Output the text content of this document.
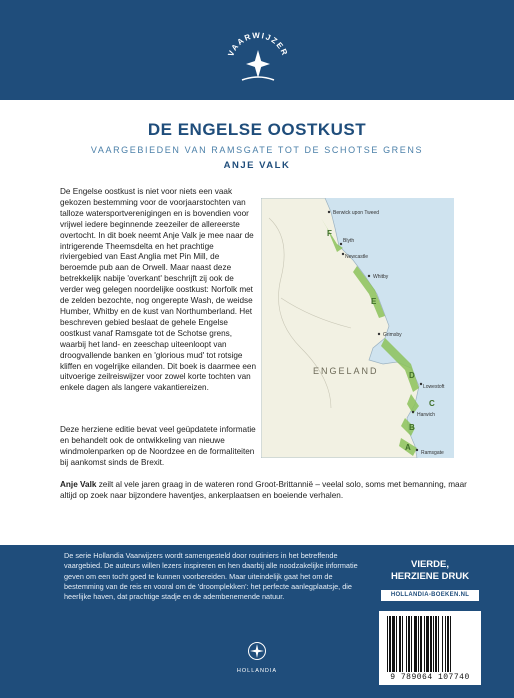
VAARWIJZER
DE ENGELSE OOSTKUST
VAARGEBIEDEN VAN RAMSGATE TOT DE SCHOTSE GRENS
ANJE VALK
De Engelse oostkust is niet voor niets een vaak gekozen bestemming voor de voorjaarstochten van talloze watersportverenigingen en is bovendien voor vrijwel iedere beginnende zeezeiler de allereerste overtocht. In dit boek neemt Anje Valk je mee naar de intrigerende Theemsdelta en het prachtige riviergebied van East Anglia met Pin Mill, de beroemde pub aan de Orwell. Maar naast deze betrekkelijk nabije 'overkant' beschrijft zij ook de verder weg gelegen noordelijke oostkust: Norfolk met de zelden bezochte, nog ongerepte Wash, de weidse Humber, Whitby en de kust van Northumberland. Het beschreven gebied beslaat de gehele Engelse oostkust vanaf Ramsgate tot de Schotse grens, waarbij het land- en zeeschap uiteenloopt van droogvallende banken en 'glorious mud' tot rotsige kliffen en vogelrijke eilanden. Dit boek is daarmee een uitvoerige zeilreiswijzer voor zowel korte tochten van enkele dagen als langere vakantiereizen.
Deze herziene editie bevat veel geüpdatete informatie en behandelt ook de ontwikkeling van nieuwe windmolenparken op de Noordzee en de formaliteiten bij aankomst sinds de Brexit.
Anje Valk zeilt al vele jaren graag in de wateren rond Groot-Brittannië – veelal solo, soms met bemanning, maar altijd op zoek naar bijzondere haventjes, ankerplaatsen en boeiende verhalen.
Berwick upon Tweed
Blyth
Newcastle
Whitby
Grimsby
Lowestoft
Harwich
Ramsgate
ENGELAND
A
B
C
D
E
F
De serie Hollandia Vaarwijzers wordt samengesteld door routiniers in het betreffende vaargebied. De auteurs willen lezers inspireren en hen daarbij alle noodzakelijke informatie geven om een tocht goed te kunnen voorbereiden. Maar uiteindelijk gaat het om de bestemming van de reis en vooral om de 'droomplekken': het perfecte aanlegplaatsje, die heerlijke haven, dat prachtige stadje en de adembenemende natuur.
HOLLANDIA
VIERDE,
HERZIENE DRUK
HOLLANDIA-BOEKEN.NL
9 789064 107740
